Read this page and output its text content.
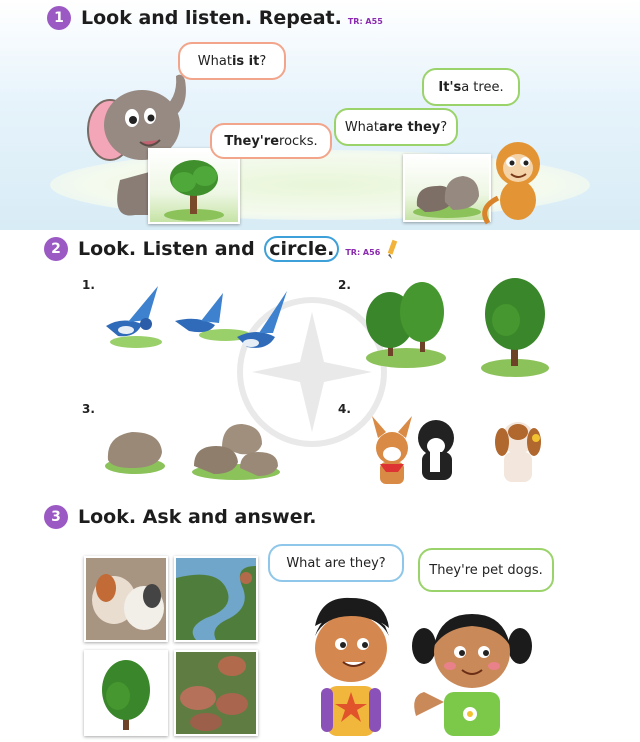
1 Look and listen. Repeat. TR: A55
What is it ?
They're rocks.
What are they ?
It's a tree.
2 Look. Listen and circle.	TR: A56
1.	2.
3.	4.
3 Look. Ask and answer.
What are they?	They're pet dogs.
